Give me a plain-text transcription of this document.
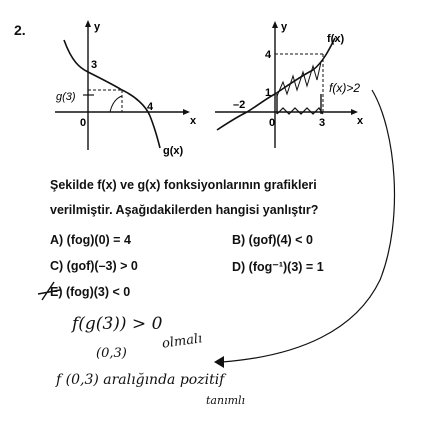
2.	y
x
0
3
4
g(x)
g(3)
y
x
0
4
1
–2
3
f(x)
f(x)>2
Şekilde f(x) ve g(x) fonksiyonlarının grafikleri
verilmiştir. Aşağıdakilerden hangisi yanlıştır?
A) (fog)(0) = 4	B) (gof)(4) < 0
C) (gof)(–3) > 0	D) (fog⁻¹)(3) = 1
E) (fog)(3) < 0
f(g(3)) > 0
olmalı
(0,3)
f (0,3) aralığında pozitif
tanımlı
